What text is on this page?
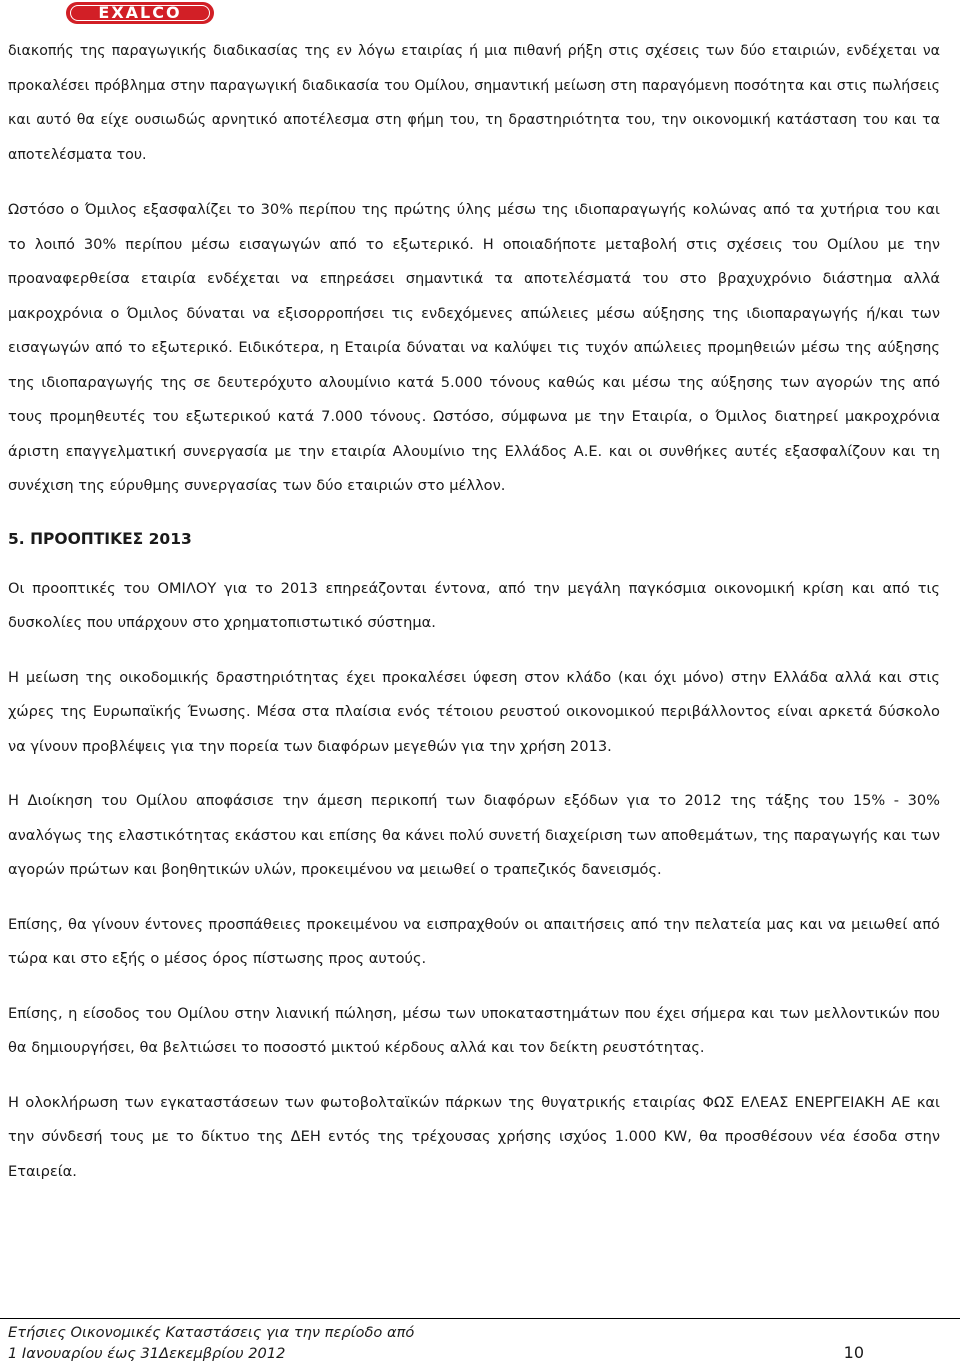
EXALCO

διακοπής της παραγωγικής διαδικασίας της εν λόγω εταιρίας ή μια πιθανή ρήξη στις σχέσεις των δύο εταιριών, ενδέχεται να προκαλέσει πρόβλημα στην παραγωγική διαδικασία του Ομίλου, σημαντική μείωση στη παραγόμενη ποσότητα και στις πωλήσεις και αυτό θα είχε ουσιωδώς αρνητικό αποτέλεσμα στη φήμη του, τη δραστηριότητα του, την οικονομική κατάσταση του και τα αποτελέσματα του.

Ωστόσο ο Όμιλος εξασφαλίζει το 30% περίπου της πρώτης ύλης μέσω της ιδιοπαραγωγής κολώνας από τα χυτήρια του και το λοιπό 30% περίπου μέσω εισαγωγών από το εξωτερικό. Η οποιαδήποτε μεταβολή στις σχέσεις του Ομίλου με την προαναφερθείσα εταιρία ενδέχεται να επηρεάσει σημαντικά τα αποτελέσματά του στο βραχυχρόνιο διάστημα αλλά μακροχρόνια ο Όμιλος δύναται να εξισορροπήσει τις ενδεχόμενες απώλειες μέσω αύξησης της ιδιοπαραγωγής ή/και των εισαγωγών από το εξωτερικό. Ειδικότερα, η Εταιρία δύναται να καλύψει τις τυχόν απώλειες προμηθειών μέσω της αύξησης της ιδιοπαραγωγής της σε δευτερόχυτο αλουμίνιο κατά 5.000 τόνους καθώς και μέσω της αύξησης των αγορών της από τους προμηθευτές του εξωτερικού κατά 7.000 τόνους. Ωστόσο, σύμφωνα με την Εταιρία, ο Όμιλος διατηρεί μακροχρόνια άριστη επαγγελματική συνεργασία με την εταιρία Αλουμίνιο της Ελλάδος Α.Ε. και οι συνθήκες αυτές εξασφαλίζουν και τη συνέχιση της εύρυθμης συνεργασίας των δύο εταιριών στο μέλλον.

5. ΠΡΟΟΠΤΙΚΕΣ 2013

Οι προοπτικές του ΟΜΙΛΟΥ για το 2013 επηρεάζονται έντονα, από την μεγάλη παγκόσμια οικονομική κρίση και από τις δυσκολίες που υπάρχουν στο χρηματοπιστωτικό σύστημα.

Η μείωση της οικοδομικής δραστηριότητας έχει προκαλέσει ύφεση στον κλάδο (και όχι μόνο) στην Ελλάδα αλλά και στις χώρες της Ευρωπαϊκής Ένωσης. Μέσα στα πλαίσια ενός τέτοιου ρευστού οικονομικού περιβάλλοντος είναι αρκετά δύσκολο να γίνουν προβλέψεις για την πορεία των διαφόρων μεγεθών για την χρήση 2013.

Η Διοίκηση του Ομίλου αποφάσισε την άμεση περικοπή των διαφόρων εξόδων για το 2012 της τάξης του 15% - 30% αναλόγως της ελαστικότητας εκάστου και επίσης θα κάνει πολύ συνετή διαχείριση των αποθεμάτων, της παραγωγής και των αγορών πρώτων και βοηθητικών υλών, προκειμένου να μειωθεί ο τραπεζικός δανεισμός.

Επίσης, θα γίνουν έντονες προσπάθειες προκειμένου να εισπραχθούν οι απαιτήσεις από την πελατεία μας και να μειωθεί από τώρα και στο εξής ο μέσος όρος πίστωσης προς αυτούς.

Επίσης, η είσοδος του Ομίλου στην λιανική πώληση, μέσω των υποκαταστημάτων που έχει σήμερα και των μελλοντικών που θα δημιουργήσει, θα βελτιώσει το ποσοστό μικτού κέρδους αλλά και τον δείκτη ρευστότητας.

Η ολοκλήρωση των εγκαταστάσεων των φωτοβολταϊκών πάρκων της θυγατρικής εταιρίας ΦΩΣ ΕΛΕΑΣ ΕΝΕΡΓΕΙΑΚΗ ΑΕ και την σύνδεσή τους με το δίκτυο της ΔΕΗ εντός της τρέχουσας χρήσης ισχύος 1.000 KW, θα προσθέσουν νέα έσοδα στην Εταιρεία.

Ετήσιες Οικονομικές Καταστάσεις για την περίοδο από
1 Ιανουαρίου έως 31Δεκεμβρίου 2012	10
